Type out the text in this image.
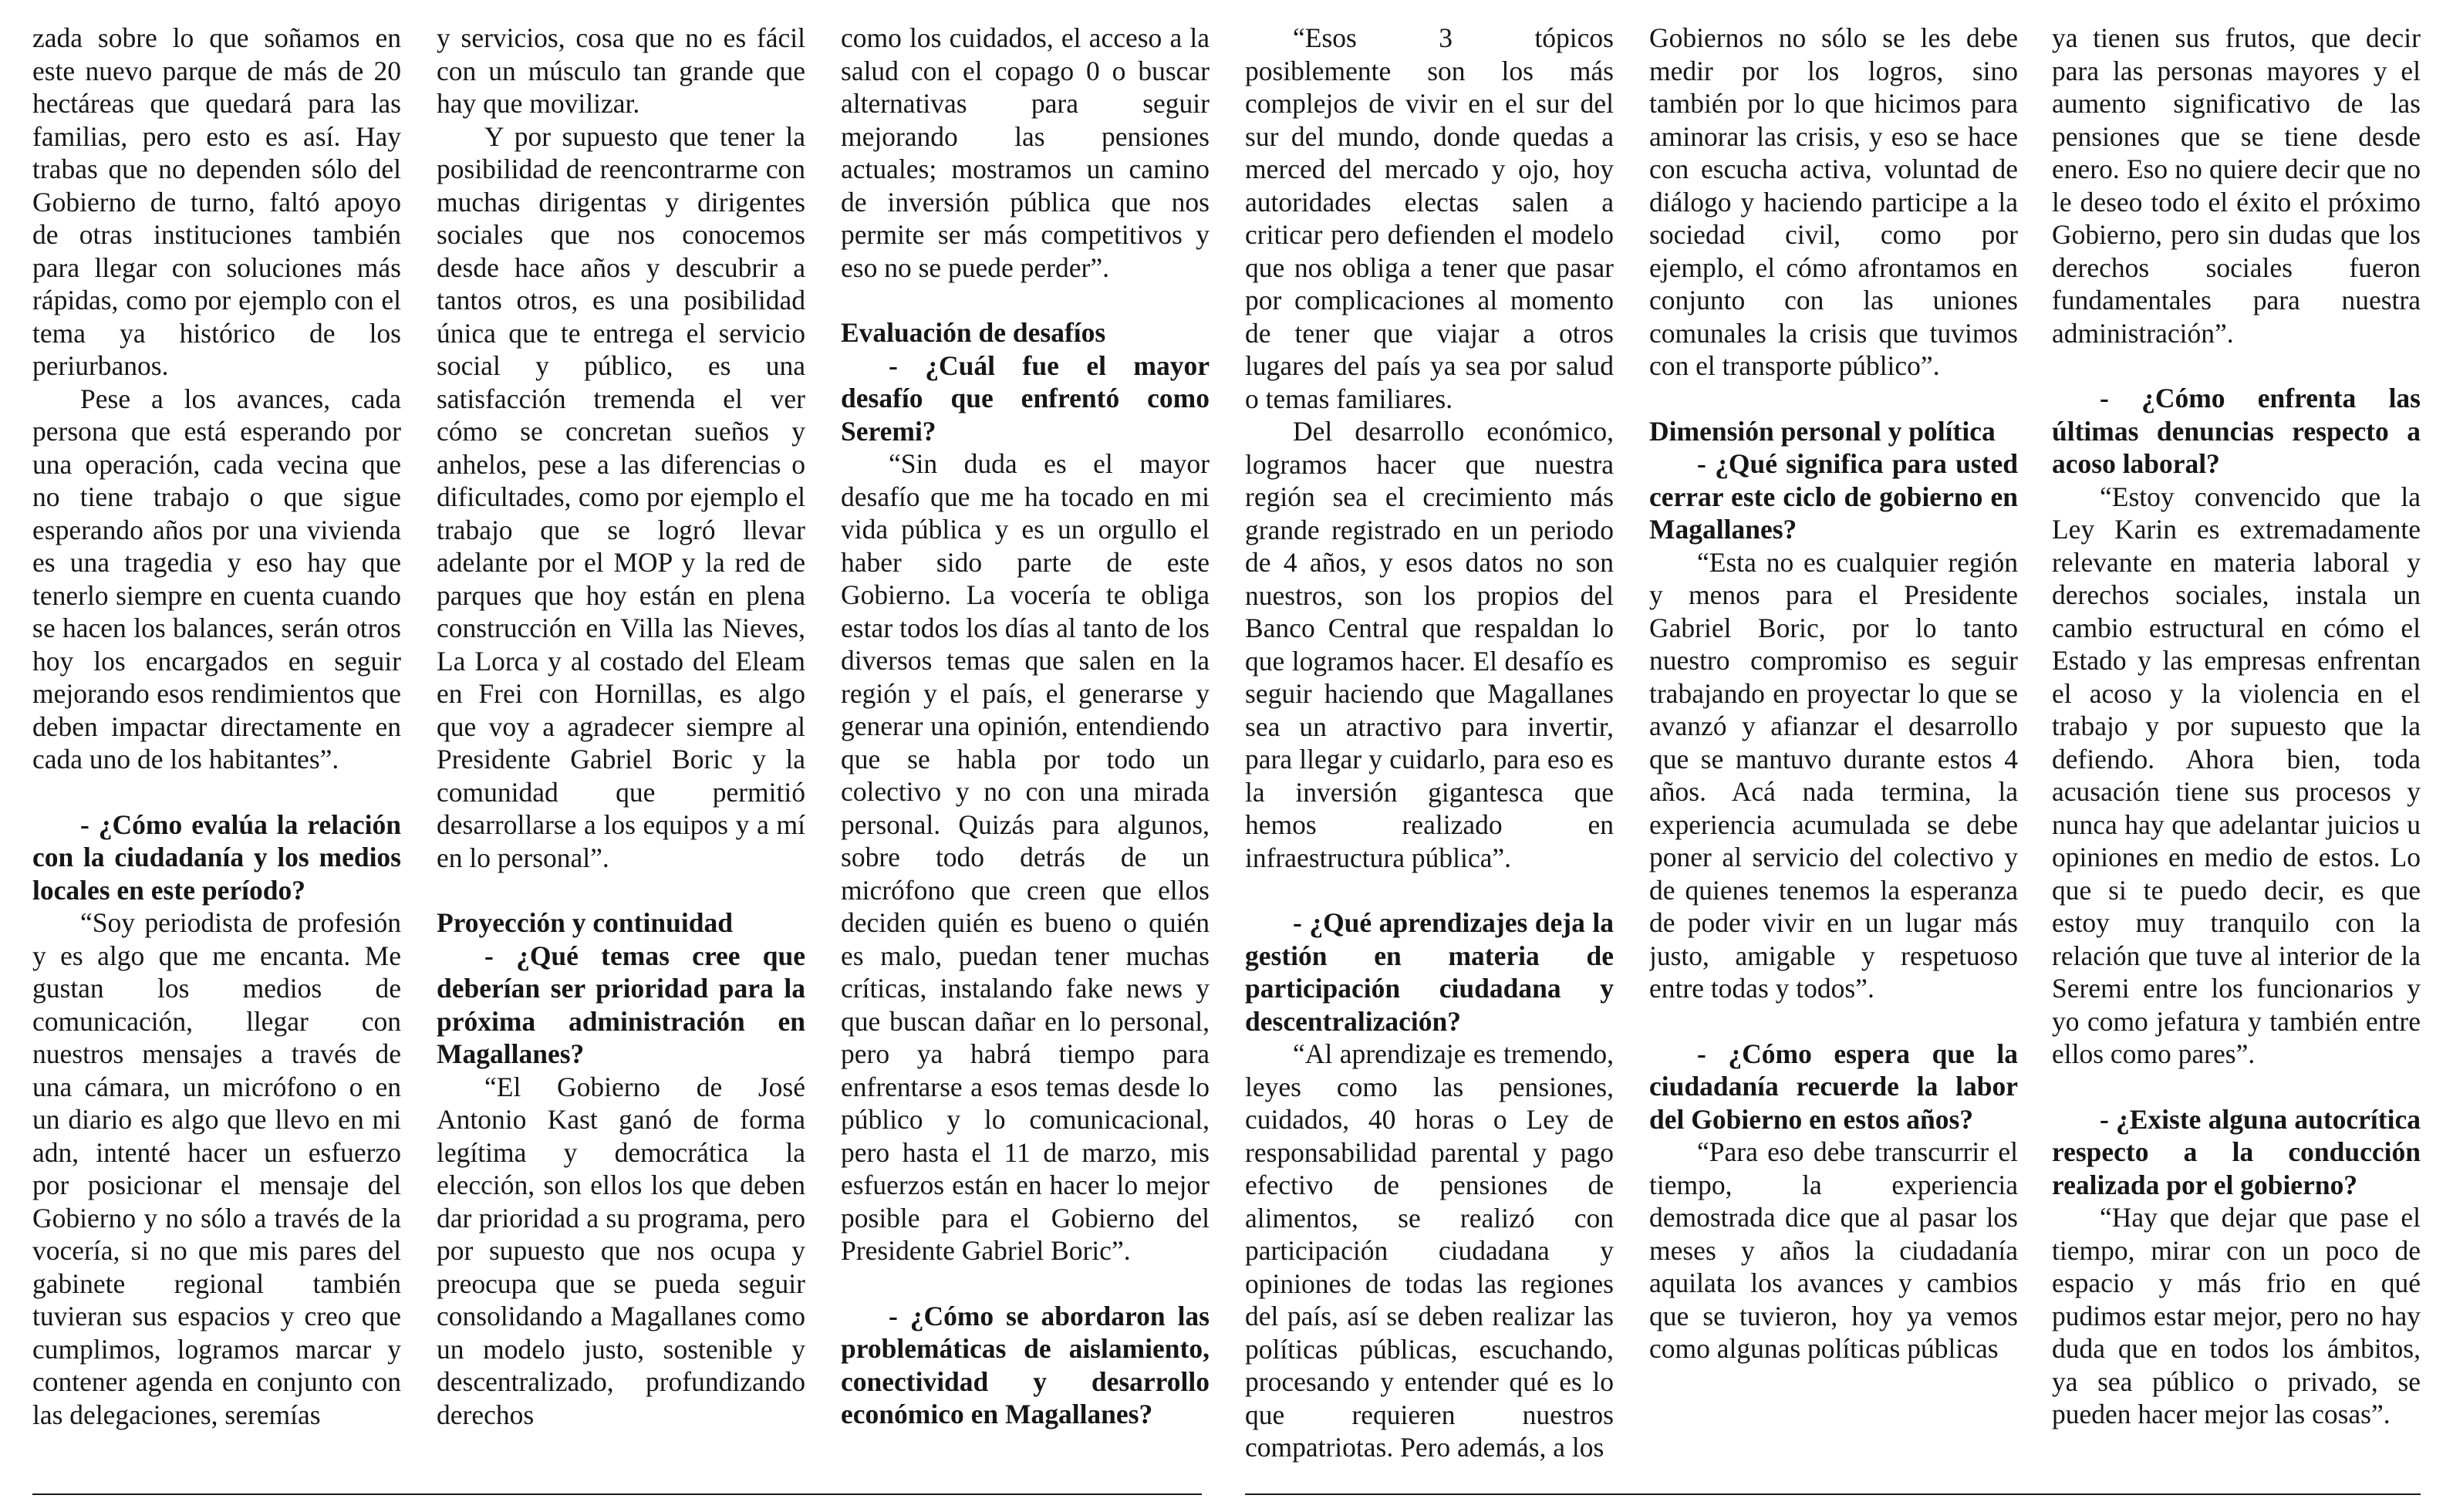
zada sobre lo que soñamos en este nuevo parque de más de 20 hectáreas que quedará para las familias, pero esto es así. Hay trabas que no dependen sólo del Gobierno de turno, faltó apoyo de otras instituciones también para llegar con soluciones más rápidas, como por ejemplo con el tema ya histórico de los periurbanos.

Pese a los avances, cada persona que está esperando por una operación, cada vecina que no tiene trabajo o que sigue esperando años por una vivienda es una tragedia y eso hay que tenerlo siempre en cuenta cuando se hacen los balances, serán otros hoy los encargados en seguir mejorando esos rendimientos que deben impactar directamente en cada uno de los habitantes”.

- ¿Cómo evalúa la relación con la ciudadanía y los medios locales en este período?

“Soy periodista de profesión y es algo que me encanta. Me gustan los medios de comunicación, llegar con nuestros mensajes a través de una cámara, un micrófono o en un diario es algo que llevo en mi adn, intenté hacer un esfuerzo por posicionar el mensaje del Gobierno y no sólo a través de la vocería, si no que mis pares del gabinete regional también tuvieran sus espacios y creo que cumplimos, logramos marcar y contener agenda en conjunto con las delegaciones, seremías

y servicios, cosa que no es fácil con un músculo tan grande que hay que movilizar.

Y por supuesto que tener la posibilidad de reencontrarme con muchas dirigentas y dirigentes sociales que nos conocemos desde hace años y descubrir a tantos otros, es una posibilidad única que te entrega el servicio social y público, es una satisfacción tremenda el ver cómo se concretan sueños y anhelos, pese a las diferencias o dificultades, como por ejemplo el trabajo que se logró llevar adelante por el MOP y la red de parques que hoy están en plena construcción en Villa las Nieves, La Lorca y al costado del Eleam en Frei con Hornillas, es algo que voy a agradecer siempre al Presidente Gabriel Boric y la comunidad que permitió desarrollarse a los equipos y a mí en lo personal”.

Proyección y continuidad

- ¿Qué temas cree que deberían ser prioridad para la próxima administración en Magallanes?

“El Gobierno de José Antonio Kast ganó de forma legítima y democrática la elección, son ellos los que deben dar prioridad a su programa, pero por supuesto que nos ocupa y preocupa que se pueda seguir consolidando a Magallanes como un modelo justo, sostenible y descentralizado, profundizando derechos

como los cuidados, el acceso a la salud con el copago 0 o buscar alternativas para seguir mejorando las pensiones actuales; mostramos un camino de inversión pública que nos permite ser más competitivos y eso no se puede perder”.

Evaluación de desafíos

- ¿Cuál fue el mayor desafío que enfrentó como Seremi?

“Sin duda es el mayor desafío que me ha tocado en mi vida pública y es un orgullo el haber sido parte de este Gobierno. La vocería te obliga estar todos los días al tanto de los diversos temas que salen en la región y el país, el generarse y generar una opinión, entendiendo que se habla por todo un colectivo y no con una mirada personal. Quizás para algunos, sobre todo detrás de un micrófono que creen que ellos deciden quién es bueno o quién es malo, puedan tener muchas críticas, instalando fake news y que buscan dañar en lo personal, pero ya habrá tiempo para enfrentarse a esos temas desde lo público y lo comunicacional, pero hasta el 11 de marzo, mis esfuerzos están en hacer lo mejor posible para el Gobierno del Presidente Gabriel Boric”.

- ¿Cómo se abordaron las problemáticas de aislamiento, conectividad y desarrollo económico en Magallanes?

“Esos 3 tópicos posiblemente son los más complejos de vivir en el sur del sur del mundo, donde quedas a merced del mercado y ojo, hoy autoridades electas salen a criticar pero defienden el modelo que nos obliga a tener que pasar por complicaciones al momento de tener que viajar a otros lugares del país ya sea por salud o temas familiares.

Del desarrollo económico, logramos hacer que nuestra región sea el crecimiento más grande registrado en un periodo de 4 años, y esos datos no son nuestros, son los propios del Banco Central que respaldan lo que logramos hacer. El desafío es seguir haciendo que Magallanes sea un atractivo para invertir, para llegar y cuidarlo, para eso es la inversión gigantesca que hemos realizado en infraestructura pública”.

- ¿Qué aprendizajes deja la gestión en materia de participación ciudadana y descentralización?

“Al aprendizaje es tremendo, leyes como las pensiones, cuidados, 40 horas o Ley de responsabilidad parental y pago efectivo de pensiones de alimentos, se realizó con participación ciudadana y opiniones de todas las regiones del país, así se deben realizar las políticas públicas, escuchando, procesando y entender qué es lo que requieren nuestros compatriotas. Pero además, a los

Gobiernos no sólo se les debe medir por los logros, sino también por lo que hicimos para aminorar las crisis, y eso se hace con escucha activa, voluntad de diálogo y haciendo participe a la sociedad civil, como por ejemplo, el cómo afrontamos en conjunto con las uniones comunales la crisis que tuvimos con el transporte público”.

Dimensión personal y política

- ¿Qué significa para usted cerrar este ciclo de gobierno en Magallanes?

“Esta no es cualquier región y menos para el Presidente Gabriel Boric, por lo tanto nuestro compromiso es seguir trabajando en proyectar lo que se avanzó y afianzar el desarrollo que se mantuvo durante estos 4 años. Acá nada termina, la experiencia acumulada se debe poner al servicio del colectivo y de quienes tenemos la esperanza de poder vivir en un lugar más justo, amigable y respetuoso entre todas y todos”.

- ¿Cómo espera que la ciudadanía recuerde la labor del Gobierno en estos años?

“Para eso debe transcurrir el tiempo, la experiencia demostrada dice que al pasar los meses y años la ciudadanía aquilata los avances y cambios que se tuvieron, hoy ya vemos como algunas políticas públicas

ya tienen sus frutos, que decir para las personas mayores y el aumento significativo de las pensiones que se tiene desde enero. Eso no quiere decir que no le deseo todo el éxito el próximo Gobierno, pero sin dudas que los derechos sociales fueron fundamentales para nuestra administración”.

- ¿Cómo enfrenta las últimas denuncias respecto a acoso laboral?

“Estoy convencido que la Ley Karin es extremadamente relevante en materia laboral y derechos sociales, instala un cambio estructural en cómo el Estado y las empresas enfrentan el acoso y la violencia en el trabajo y por supuesto que la defiendo. Ahora bien, toda acusación tiene sus procesos y nunca hay que adelantar juicios u opiniones en medio de estos. Lo que si te puedo decir, es que estoy muy tranquilo con la relación que tuve al interior de la Seremi entre los funcionarios y yo como jefatura y también entre ellos como pares”.

- ¿Existe alguna autocrítica respecto a la conducción realizada por el gobierno?

“Hay que dejar que pase el tiempo, mirar con un poco de espacio y más frio en qué pudimos estar mejor, pero no hay duda que en todos los ámbitos, ya sea público o privado, se pueden hacer mejor las cosas”.
